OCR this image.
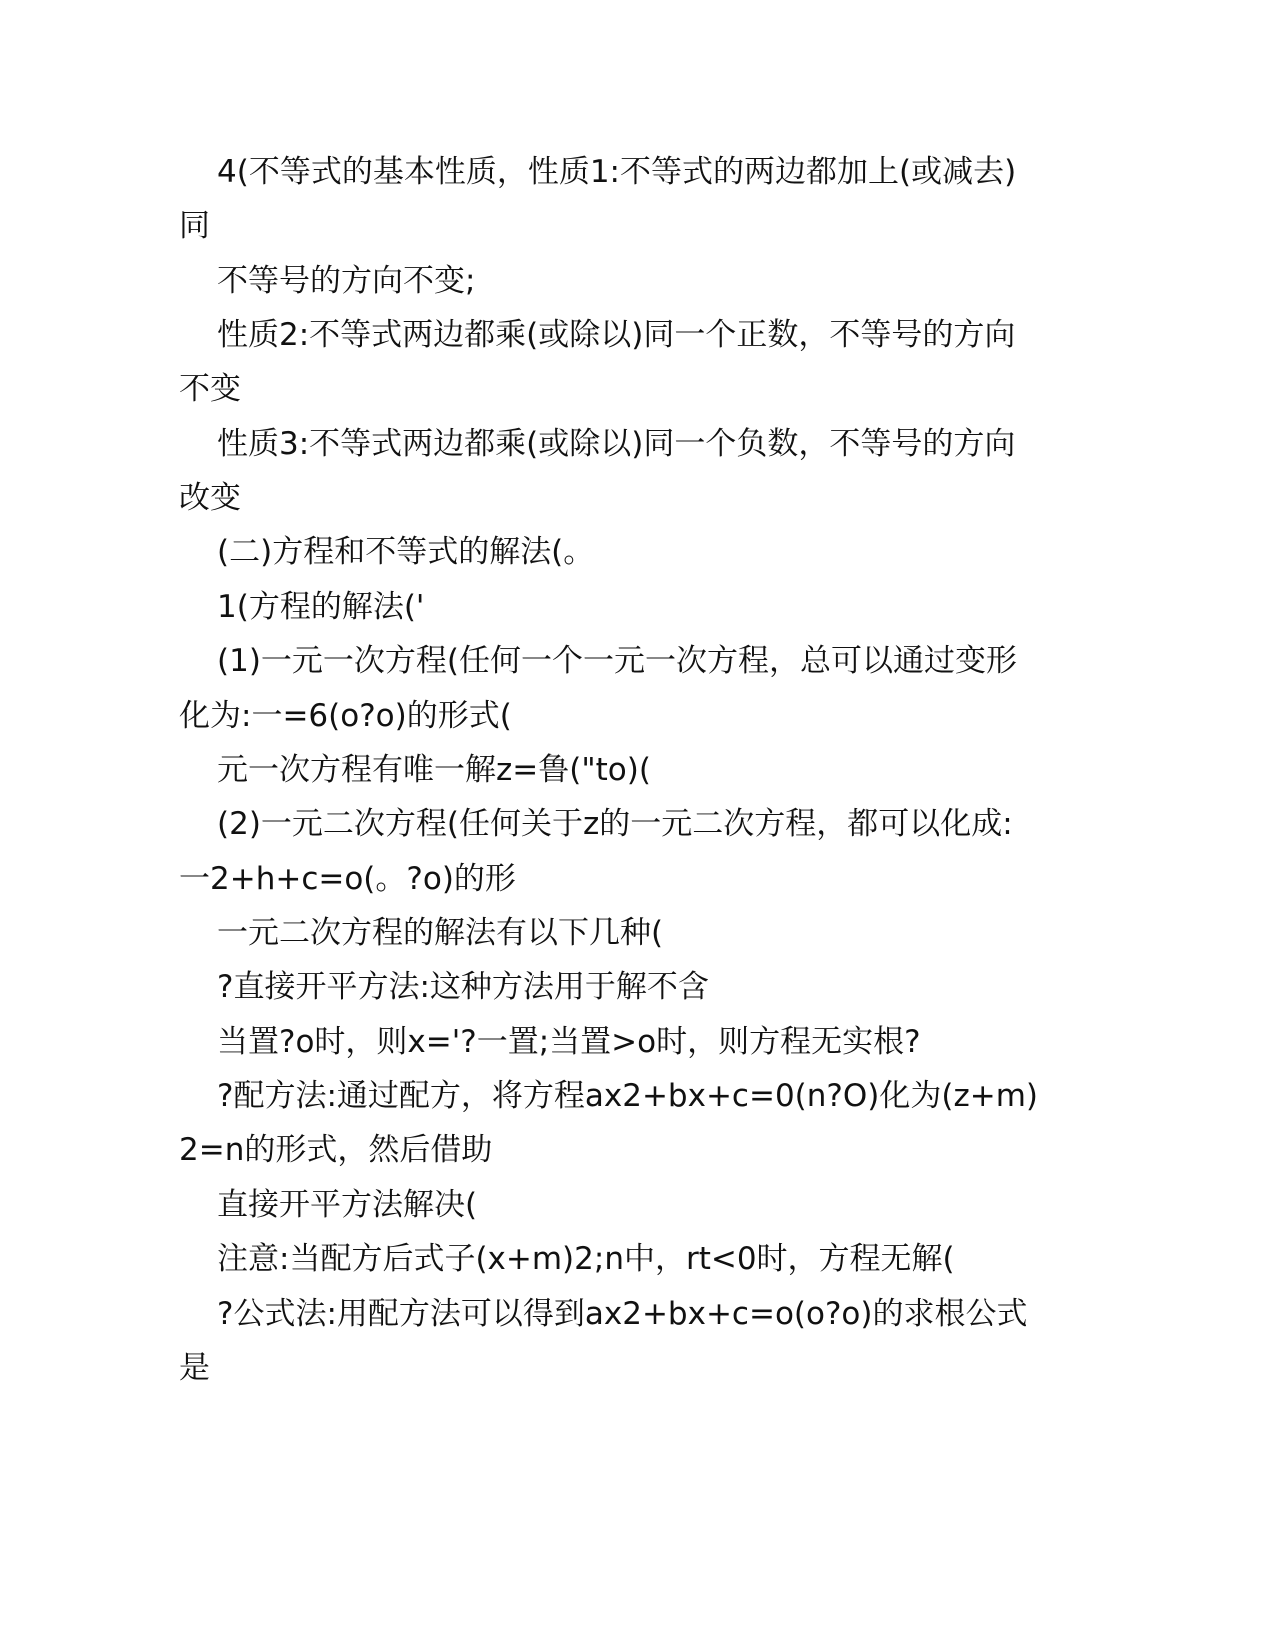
4(不等式的基本性质，性质1:不等式的两边都加上(或减去)
同
不等号的方向不变;
性质2:不等式两边都乘(或除以)同一个正数，不等号的方向
不变
性质3:不等式两边都乘(或除以)同一个负数，不等号的方向
改变
(二)方程和不等式的解法(。
1(方程的解法('
(1)一元一次方程(任何一个一元一次方程，总可以通过变形
化为:一=6(o?o)的形式(
元一次方程有唯一解z=鲁("to)(
(2)一元二次方程(任何关于z的一元二次方程，都可以化成:
一2+h+c=o(。?o)的形
一元二次方程的解法有以下几种(
?直接开平方法:这种方法用于解不含
当置?o时，则x='?一置;当置>o时，则方程无实根?
?配方法:通过配方，将方程ax2+bx+c=0(n?O)化为(z+m)
2=n的形式，然后借助
直接开平方法解决(
注意:当配方后式子(x+m)2;n中，rt<0时，方程无解(
?公式法:用配方法可以得到ax2+bx+c=o(o?o)的求根公式
是
